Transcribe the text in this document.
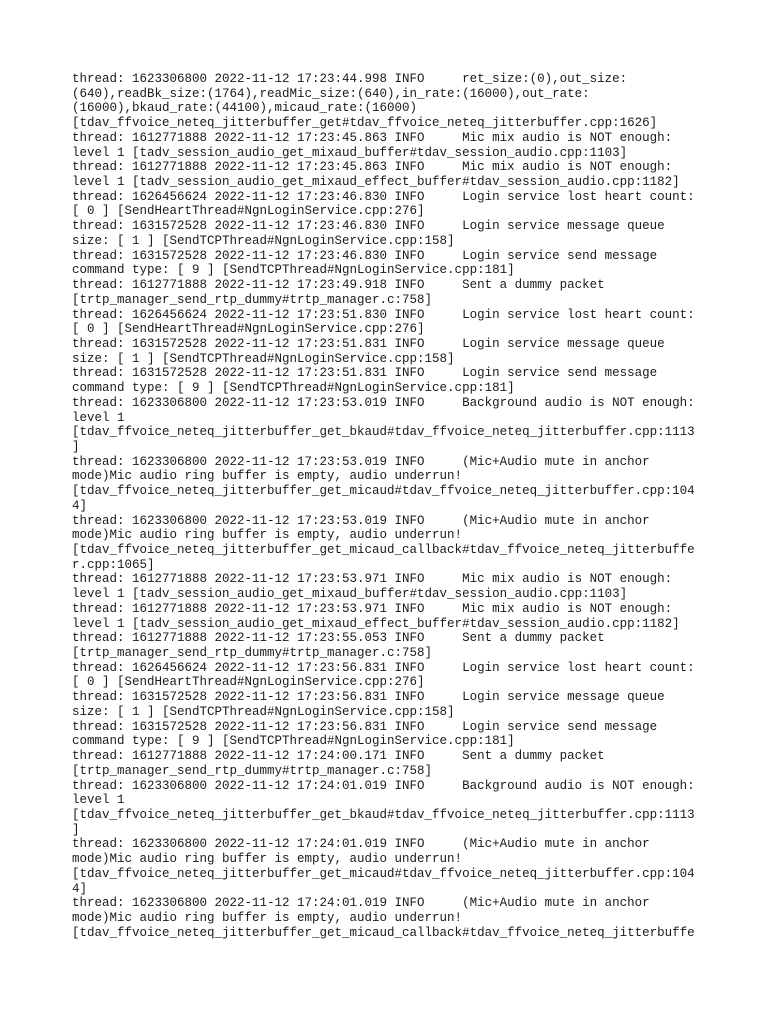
thread: 1623306800 2022-11-12 17:23:44.998 INFO     ret_size:(0),out_size:
(640),readBk_size:(1764),readMic_size:(640),in_rate:(16000),out_rate:
(16000),bkaud_rate:(44100),micaud_rate:(16000)
[tdav_ffvoice_neteq_jitterbuffer_get#tdav_ffvoice_neteq_jitterbuffer.cpp:1626]
thread: 1612771888 2022-11-12 17:23:45.863 INFO     Mic mix audio is NOT enough:
level 1 [tadv_session_audio_get_mixaud_buffer#tdav_session_audio.cpp:1103]
thread: 1612771888 2022-11-12 17:23:45.863 INFO     Mic mix audio is NOT enough:
level 1 [tadv_session_audio_get_mixaud_effect_buffer#tdav_session_audio.cpp:1182]
thread: 1626456624 2022-11-12 17:23:46.830 INFO     Login service lost heart count:
[ 0 ] [SendHeartThread#NgnLoginService.cpp:276]
thread: 1631572528 2022-11-12 17:23:46.830 INFO     Login service message queue
size: [ 1 ] [SendTCPThread#NgnLoginService.cpp:158]
thread: 1631572528 2022-11-12 17:23:46.830 INFO     Login service send message
command type: [ 9 ] [SendTCPThread#NgnLoginService.cpp:181]
thread: 1612771888 2022-11-12 17:23:49.918 INFO     Sent a dummy packet
[trtp_manager_send_rtp_dummy#trtp_manager.c:758]
thread: 1626456624 2022-11-12 17:23:51.830 INFO     Login service lost heart count:
[ 0 ] [SendHeartThread#NgnLoginService.cpp:276]
thread: 1631572528 2022-11-12 17:23:51.831 INFO     Login service message queue
size: [ 1 ] [SendTCPThread#NgnLoginService.cpp:158]
thread: 1631572528 2022-11-12 17:23:51.831 INFO     Login service send message
command type: [ 9 ] [SendTCPThread#NgnLoginService.cpp:181]
thread: 1623306800 2022-11-12 17:23:53.019 INFO     Background audio is NOT enough:
level 1
[tdav_ffvoice_neteq_jitterbuffer_get_bkaud#tdav_ffvoice_neteq_jitterbuffer.cpp:1113
]
thread: 1623306800 2022-11-12 17:23:53.019 INFO     (Mic+Audio mute in anchor
mode)Mic audio ring buffer is empty, audio underrun!
[tdav_ffvoice_neteq_jitterbuffer_get_micaud#tdav_ffvoice_neteq_jitterbuffer.cpp:104
4]
thread: 1623306800 2022-11-12 17:23:53.019 INFO     (Mic+Audio mute in anchor
mode)Mic audio ring buffer is empty, audio underrun!
[tdav_ffvoice_neteq_jitterbuffer_get_micaud_callback#tdav_ffvoice_neteq_jitterbuffe
r.cpp:1065]
thread: 1612771888 2022-11-12 17:23:53.971 INFO     Mic mix audio is NOT enough:
level 1 [tadv_session_audio_get_mixaud_buffer#tdav_session_audio.cpp:1103]
thread: 1612771888 2022-11-12 17:23:53.971 INFO     Mic mix audio is NOT enough:
level 1 [tadv_session_audio_get_mixaud_effect_buffer#tdav_session_audio.cpp:1182]
thread: 1612771888 2022-11-12 17:23:55.053 INFO     Sent a dummy packet
[trtp_manager_send_rtp_dummy#trtp_manager.c:758]
thread: 1626456624 2022-11-12 17:23:56.831 INFO     Login service lost heart count:
[ 0 ] [SendHeartThread#NgnLoginService.cpp:276]
thread: 1631572528 2022-11-12 17:23:56.831 INFO     Login service message queue
size: [ 1 ] [SendTCPThread#NgnLoginService.cpp:158]
thread: 1631572528 2022-11-12 17:23:56.831 INFO     Login service send message
command type: [ 9 ] [SendTCPThread#NgnLoginService.cpp:181]
thread: 1612771888 2022-11-12 17:24:00.171 INFO     Sent a dummy packet
[trtp_manager_send_rtp_dummy#trtp_manager.c:758]
thread: 1623306800 2022-11-12 17:24:01.019 INFO     Background audio is NOT enough:
level 1
[tdav_ffvoice_neteq_jitterbuffer_get_bkaud#tdav_ffvoice_neteq_jitterbuffer.cpp:1113
]
thread: 1623306800 2022-11-12 17:24:01.019 INFO     (Mic+Audio mute in anchor
mode)Mic audio ring buffer is empty, audio underrun!
[tdav_ffvoice_neteq_jitterbuffer_get_micaud#tdav_ffvoice_neteq_jitterbuffer.cpp:104
4]
thread: 1623306800 2022-11-12 17:24:01.019 INFO     (Mic+Audio mute in anchor
mode)Mic audio ring buffer is empty, audio underrun!
[tdav_ffvoice_neteq_jitterbuffer_get_micaud_callback#tdav_ffvoice_neteq_jitterbuffe
